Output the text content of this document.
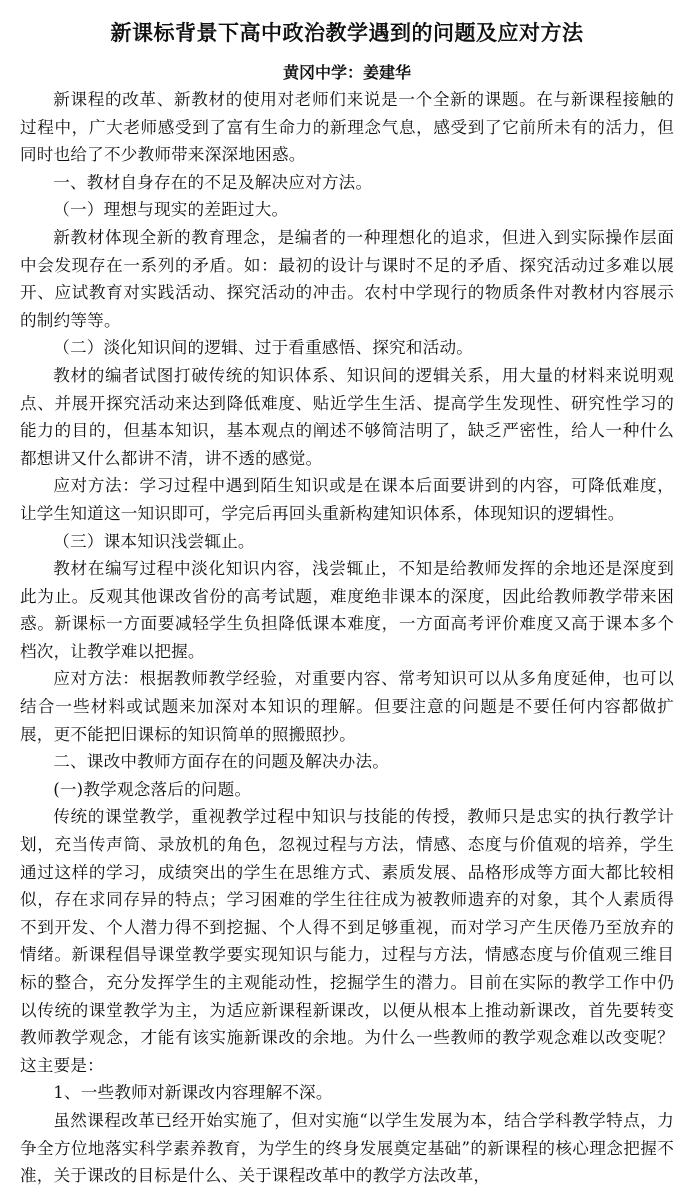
新课标背景下高中政治教学遇到的问题及应对方法
黄冈中学：姜建华

新课程的改革、新教材的使用对老师们来说是一个全新的课题。在与新课程接触的过程中，广大老师感受到了富有生命力的新理念气息，感受到了它前所未有的活力，但同时也给了不少教师带来深深地困惑。

一、教材自身存在的不足及解决应对方法。

（一）理想与现实的差距过大。

新教材体现全新的教育理念，是编者的一种理想化的追求，但进入到实际操作层面中会发现存在一系列的矛盾。如：最初的设计与课时不足的矛盾、探究活动过多难以展开、应试教育对实践活动、探究活动的冲击。农村中学现行的物质条件对教材内容展示的制约等等。

（二）淡化知识间的逻辑、过于看重感悟、探究和活动。

教材的编者试图打破传统的知识体系、知识间的逻辑关系，用大量的材料来说明观点、并展开探究活动来达到降低难度、贴近学生生活、提高学生发现性、研究性学习的能力的目的，但基本知识，基本观点的阐述不够简洁明了，缺乏严密性，给人一种什么都想讲又什么都讲不清，讲不透的感觉。

应对方法：学习过程中遇到陌生知识或是在课本后面要讲到的内容，可降低难度，让学生知道这一知识即可，学完后再回头重新构建知识体系，体现知识的逻辑性。

（三）课本知识浅尝辄止。

教材在编写过程中淡化知识内容，浅尝辄止，不知是给教师发挥的余地还是深度到此为止。反观其他课改省份的高考试题，难度绝非课本的深度，因此给教师教学带来困惑。新课标一方面要减轻学生负担降低课本难度，一方面高考评价难度又高于课本多个档次，让教学难以把握。

应对方法：根据教师教学经验，对重要内容、常考知识可以从多角度延伸，也可以结合一些材料或试题来加深对本知识的理解。但要注意的问题是不要任何内容都做扩展，更不能把旧课标的知识简单的照搬照抄。

二、课改中教师方面存在的问题及解决办法。

(一)教学观念落后的问题。

传统的课堂教学，重视教学过程中知识与技能的传授，教师只是忠实的执行教学计划，充当传声筒、录放机的角色，忽视过程与方法，情感、态度与价值观的培养，学生通过这样的学习，成绩突出的学生在思维方式、素质发展、品格形成等方面大都比较相似，存在求同存异的特点；学习困难的学生往往成为被教师遗弃的对象，其个人素质得不到开发、个人潜力得不到挖掘、个人得不到足够重视，而对学习产生厌倦乃至放弃的情绪。新课程倡导课堂教学要实现知识与能力，过程与方法，情感态度与价值观三维目标的整合，充分发挥学生的主观能动性，挖掘学生的潜力。目前在实际的教学工作中仍以传统的课堂教学为主，为适应新课程新课改，以便从根本上推动新课改，首先要转变教师教学观念，才能有该实施新课改的余地。为什么一些教师的教学观念难以改变呢？这主要是：

1、一些教师对新课改内容理解不深。

虽然课程改革已经开始实施了，但对实施“以学生发展为本，结合学科教学特点，力争全方位地落实科学素养教育，为学生的终身发展奠定基础”的新课程的核心理念把握不准，关于课改的目标是什么、关于课程改革中的教学方法改革，
